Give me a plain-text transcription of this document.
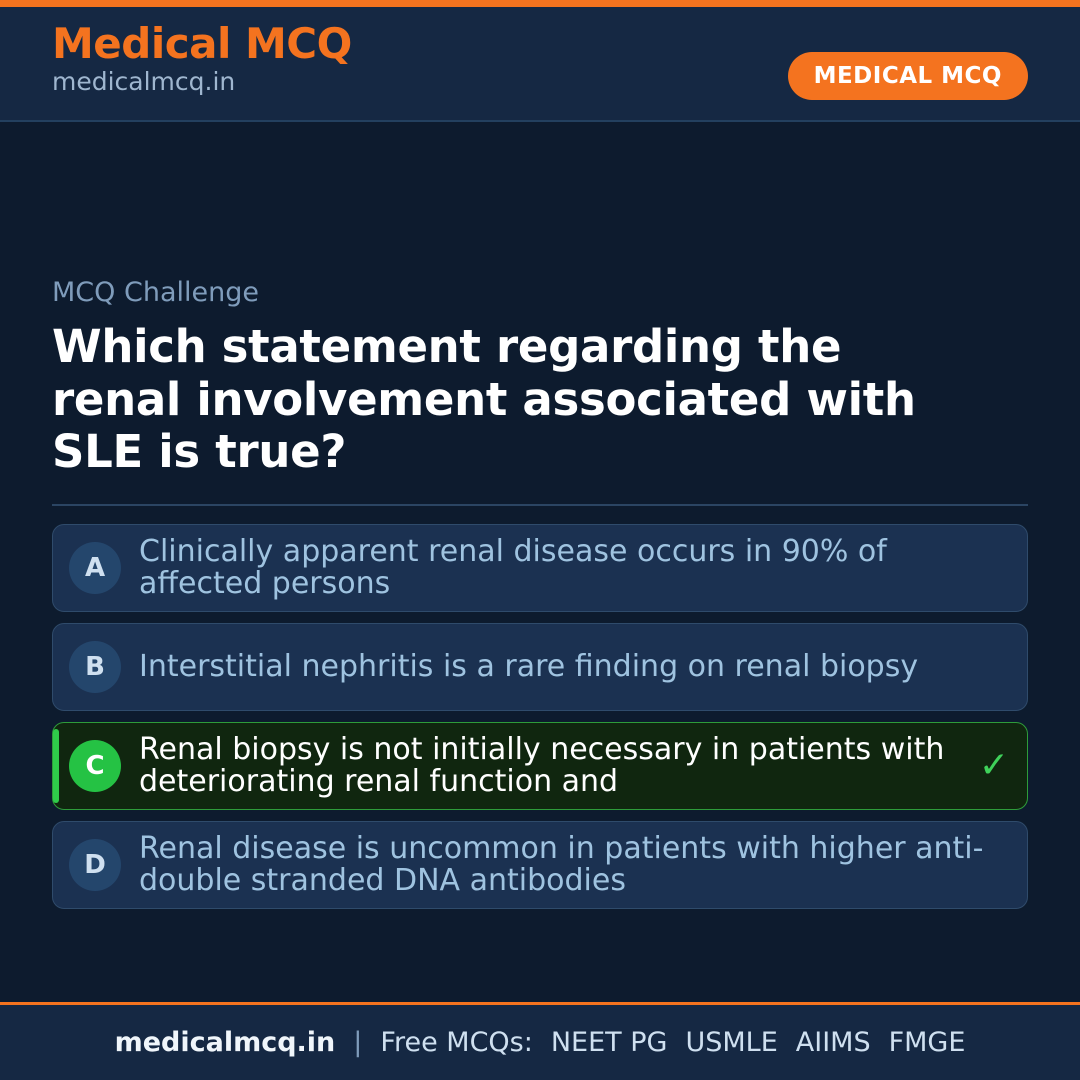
Medical MCQ
medicalmcq.in	MEDICAL MCQ
MCQ Challenge
Which statement regarding the renal involvement associated with SLE is true?
A	Clinically apparent renal disease occurs in 90% of affected persons
B	Interstitial nephritis is a rare finding on renal biopsy
C	Renal biopsy is not initially necessary in patients with deteriorating renal function and	✓
D	Renal disease is uncommon in patients with higher anti-double stranded DNA antibodies
medicalmcq.in | Free MCQs: NEET PG USMLE AIIMS FMGE
